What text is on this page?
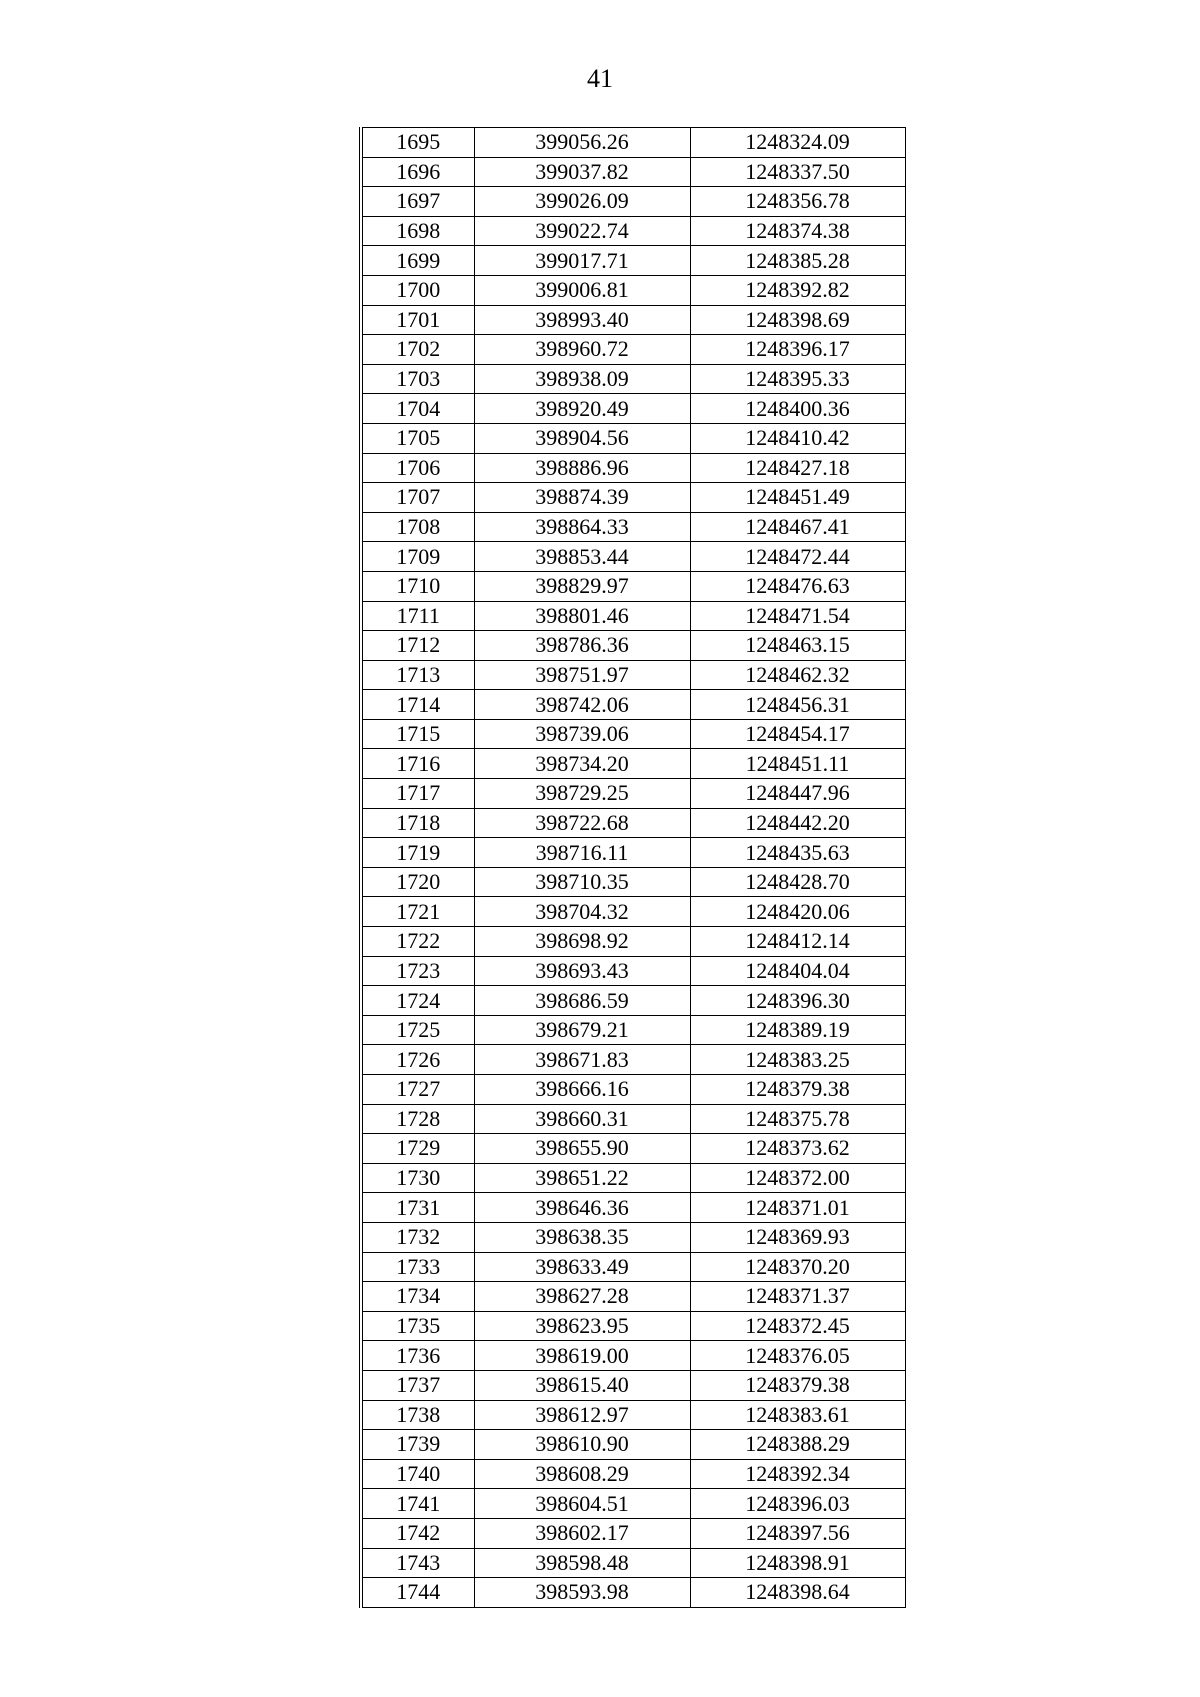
41
1695	399056.26	1248324.09
1696	399037.82	1248337.50
1697	399026.09	1248356.78
1698	399022.74	1248374.38
1699	399017.71	1248385.28
1700	399006.81	1248392.82
1701	398993.40	1248398.69
1702	398960.72	1248396.17
1703	398938.09	1248395.33
1704	398920.49	1248400.36
1705	398904.56	1248410.42
1706	398886.96	1248427.18
1707	398874.39	1248451.49
1708	398864.33	1248467.41
1709	398853.44	1248472.44
1710	398829.97	1248476.63
1711	398801.46	1248471.54
1712	398786.36	1248463.15
1713	398751.97	1248462.32
1714	398742.06	1248456.31
1715	398739.06	1248454.17
1716	398734.20	1248451.11
1717	398729.25	1248447.96
1718	398722.68	1248442.20
1719	398716.11	1248435.63
1720	398710.35	1248428.70
1721	398704.32	1248420.06
1722	398698.92	1248412.14
1723	398693.43	1248404.04
1724	398686.59	1248396.30
1725	398679.21	1248389.19
1726	398671.83	1248383.25
1727	398666.16	1248379.38
1728	398660.31	1248375.78
1729	398655.90	1248373.62
1730	398651.22	1248372.00
1731	398646.36	1248371.01
1732	398638.35	1248369.93
1733	398633.49	1248370.20
1734	398627.28	1248371.37
1735	398623.95	1248372.45
1736	398619.00	1248376.05
1737	398615.40	1248379.38
1738	398612.97	1248383.61
1739	398610.90	1248388.29
1740	398608.29	1248392.34
1741	398604.51	1248396.03
1742	398602.17	1248397.56
1743	398598.48	1248398.91
1744	398593.98	1248398.64
